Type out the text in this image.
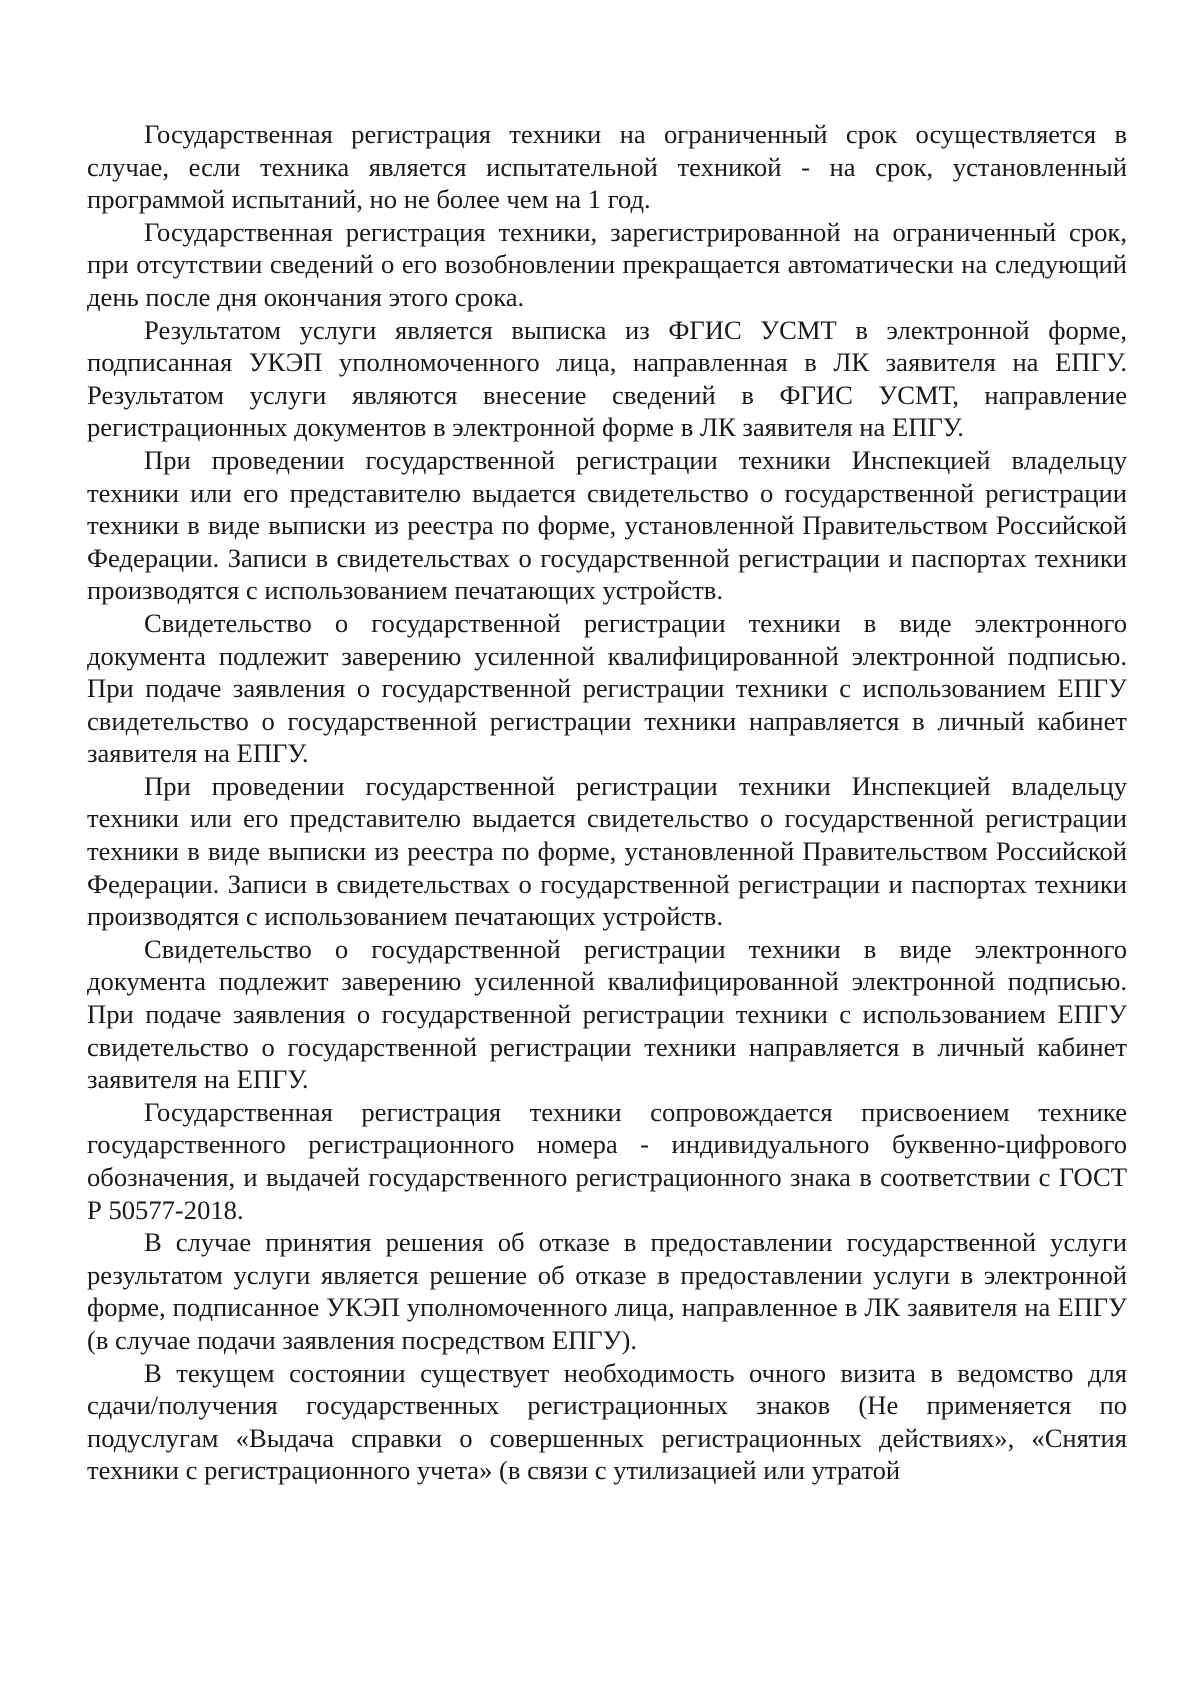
Государственная регистрация техники на ограниченный срок осуществляется в случае, если техника является испытательной техникой - на срок, установленный программой испытаний, но не более чем на 1 год.

Государственная регистрация техники, зарегистрированной на ограниченный срок, при отсутствии сведений о его возобновлении прекращается автоматически на следующий день после дня окончания этого срока.

Результатом услуги является выписка из ФГИС УСМТ в электронной форме, подписанная УКЭП уполномоченного лица, направленная в ЛК заявителя на ЕПГУ. Результатом услуги являются внесение сведений в ФГИС УСМТ, направление регистрационных документов в электронной форме в ЛК заявителя на ЕПГУ.

При проведении государственной регистрации техники Инспекцией владельцу техники или его представителю выдается свидетельство о государственной регистрации техники в виде выписки из реестра по форме, установленной Правительством Российской Федерации. Записи в свидетельствах о государственной регистрации и паспортах техники производятся с использованием печатающих устройств.

Свидетельство о государственной регистрации техники в виде электронного документа подлежит заверению усиленной квалифицированной электронной подписью. При подаче заявления о государственной регистрации техники с использованием ЕПГУ свидетельство о государственной регистрации техники направляется в личный кабинет заявителя на ЕПГУ.

При проведении государственной регистрации техники Инспекцией владельцу техники или его представителю выдается свидетельство о государственной регистрации техники в виде выписки из реестра по форме, установленной Правительством Российской Федерации. Записи в свидетельствах о государственной регистрации и паспортах техники производятся с использованием печатающих устройств.

Свидетельство о государственной регистрации техники в виде электронного документа подлежит заверению усиленной квалифицированной электронной подписью. При подаче заявления о государственной регистрации техники с использованием ЕПГУ свидетельство о государственной регистрации техники направляется в личный кабинет заявителя на ЕПГУ.

Государственная регистрация техники сопровождается присвоением технике государственного регистрационного номера - индивидуального буквенно-цифрового обозначения, и выдачей государственного регистрационного знака в соответствии с ГОСТ Р 50577-2018.

В случае принятия решения об отказе в предоставлении государственной услуги результатом услуги является решение об отказе в предоставлении услуги в электронной форме, подписанное УКЭП уполномоченного лица, направленное в ЛК заявителя на ЕПГУ (в случае подачи заявления посредством ЕПГУ).

В текущем состоянии существует необходимость очного визита в ведомство для сдачи/получения государственных регистрационных знаков (Не применяется по подуслугам «Выдача справки о совершенных регистрационных действиях», «Снятия техники с регистрационного учета» (в связи с утилизацией или утратой
